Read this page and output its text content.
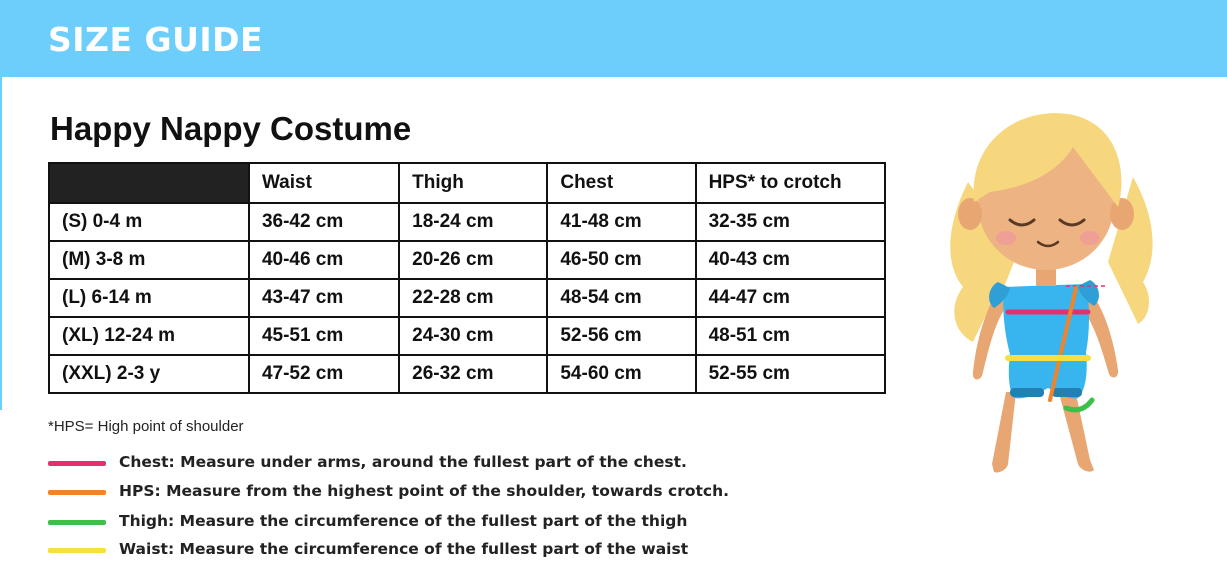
SIZE GUIDE
Happy Nappy Costume
	Waist	Thigh	Chest	HPS* to crotch
(S) 0-4 m	36-42 cm	18-24 cm	41-48 cm	32-35 cm
(M) 3-8 m	40-46 cm	20-26 cm	46-50 cm	40-43 cm
(L) 6-14 m	43-47 cm	22-28 cm	48-54 cm	44-47 cm
(XL) 12-24 m	45-51 cm	24-30 cm	52-56 cm	48-51 cm
(XXL) 2-3 y	47-52 cm	26-32 cm	54-60 cm	52-55 cm
*HPS= High point of shoulder
Chest: Measure under arms, around the fullest part of the chest.
HPS: Measure from the highest point of the shoulder, towards crotch.
Thigh: Measure the circumference of the fullest part of the thigh
Waist: Measure the circumference of the fullest part of the waist
